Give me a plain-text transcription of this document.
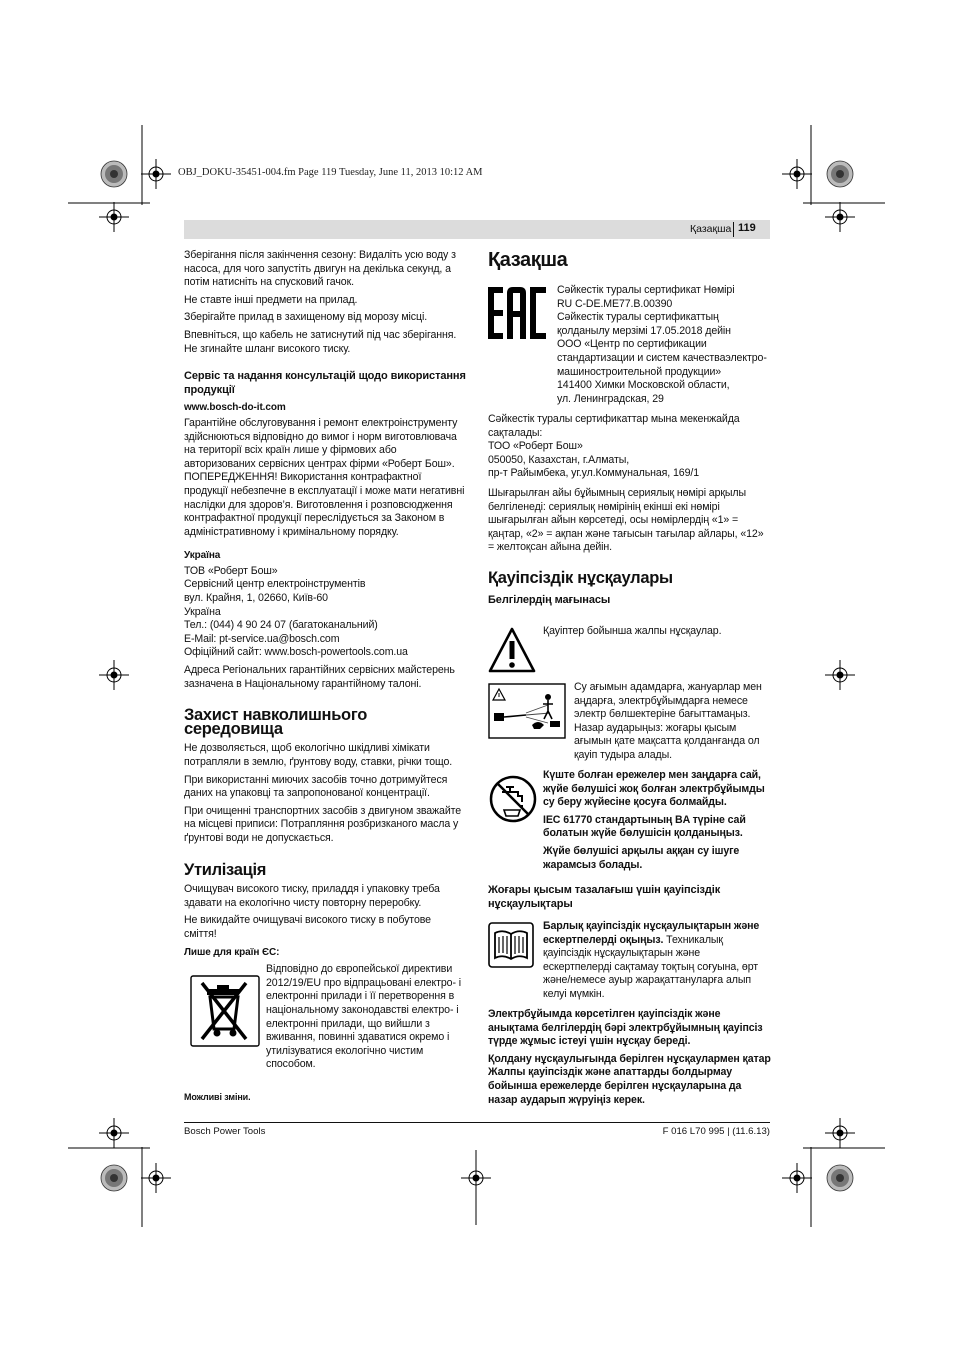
OBJ_DOKU-35451-004.fm Page 119 Tuesday, June 11, 2013 10:12 AM
Қазақша 119

Зберігання після закінчення сезону: Видаліть усю воду з насоса, для чого запустіть двигун на декілька секунд, а потім натисніть на спусковий гачок.

Не ставте інші предмети на прилад.

Зберігайте прилад в захищеному від морозу місці.

Впевніться, що кабель не затиснутий під час зберігання. Не згинайте шланг високого тиску.

Сервіс та надання консультацій щодо використання продукції

www.bosch-do-it.com

Гарантійне обслуговування і ремонт електроінструменту здійснюються відповідно до вимог і норм виготовлювача на території всіх країн лише у фірмових або авторизованих сервісних центрах фірми «Роберт Бош». ПОПЕРЕДЖЕННЯ! Використання контрафактної продукції небезпечне в експлуатації і може мати негативні наслідки для здоров’я. Виготовлення і розповсюдження контрафактної продукції переслідується за Законом в адміністративному і кримінальному порядку.

Україна

ТОВ «Роберт Бош»
Сервісний центр електроінструментів
вул. Крайня, 1, 02660, Київ-60
Україна
Тел.: (044) 4 90 24 07 (багатоканальний)
E-Mail: pt-service.ua@bosch.com
Офіційний сайт: www.bosch-powertools.com.ua

Адреса Регіональних гарантійних сервісних майстерень зазначена в Національному гарантійному талоні.

Захист навколишнього середовища

Не дозволяється, щоб екологічно шкідливі хімікати потрапляли в землю, ґрунтову воду, ставки, річки тощо.

При використанні миючих засобів точно дотримуйтеся даних на упаковці та запропонованої концентрації.

При очищенні транспортних засобів з двигуном зважайте на місцеві приписи: Потрапляння розбризканого масла у ґрунтові води не допускається.

Утилізація

Очищувач високого тиску, приладдя і упаковку треба здавати на екологічно чисту повторну переробку.

Не викидайте очищувачі високого тиску в побутове сміття!

Лише для країн ЄС:

Відповідно до європейської директиви 2012/19/EU про відпрацьовані електро- і електронні прилади і її перетворення в національному законодавстві електро- і електронні прилади, що вийшли з вживання, повинні здаватися окремо і утилізуватися екологічно чистим способом.

Можливі зміни.

Қазақша
Сәйкестік туралы сертификат Нөмірі
RU C-DE.ME77.B.00390
Сәйкестік туралы сертификаттың
қолданылу мерзімі 17.05.2018 дейін
ООО «Центр по сертификации
стандартизации и систем качестваэлектро-
машиностроительной продукции»
141400 Химки Московской области,
ул. Ленинградская, 29
Сәйкестік туралы сертификаттар мына мекенжайда
сақталады:
ТОО «Роберт Бош»
050050, Казахстан, г.Алматы,
пр-т Райымбека, уг.ул.Коммунальная, 169/1

Шығарылған айы бұйымның сериялық нөмірі арқылы белгіленеді: сериялық нөмірінің екінші екі нөмірі шығарылған айын көрсетеді, осы нөмірлердің «1» = қаңтар, «2» = ақпан және тағысын тағылар айлары, «12» = желтоқсан айына дейін.

Қауіпсіздік нұсқаулары

Белгілердің мағынасы

Қауіптер бойынша жалпы нұсқаулар.
Су ағымын адамдарға, жануарлар мен аңдарға, электрбұйымдарға немесе электр бөлшектеріне бағыттамаңыз. Назар аударыңыз: жоғары қысым ағымын қате мақсатта қолданғанда ол қауіп тудыра алады.

Күште болған ережелер мен заңдарға сай, жүйе бөлушісі жоқ болған электрбұйымды су беру жүйесіне қосуға болмайды.

IEC 61770 стандартының BA түріне сай болатын жүйе бөлушісін қолданыңыз.

Жүйе бөлушісі арқылы аққан су ішуге жарамсыз болады.

Жоғары қысым тазалағыш үшін қауіпсіздік нұсқаулықтары

Барлық қауіпсіздік нұсқаулықтарын және ескертпелерді оқыңыз. Техникалық қауіпсіздік нұсқаулықтарын және ескертпелерді сақтамау тоқтың соғуына, өрт және/немесе ауыр жарақаттануларға алып келуі мүмкін.

Электрбұйымда көрсетілген қауіпсіздік және анықтама белгілердің бәрі электрбұйымның қауіпсіз түрде жұмыс істеуі үшін нұсқау береді.

Қолдану нұсқаулығында берілген нұсқаулармен қатар Жалпы қауіпсіздік және апаттарды болдырмау бойынша ережелерде берілген нұсқауларына да назар аударып жүруіңіз керек.

Bosch Power Tools	F 016 L70 995 | (11.6.13)
